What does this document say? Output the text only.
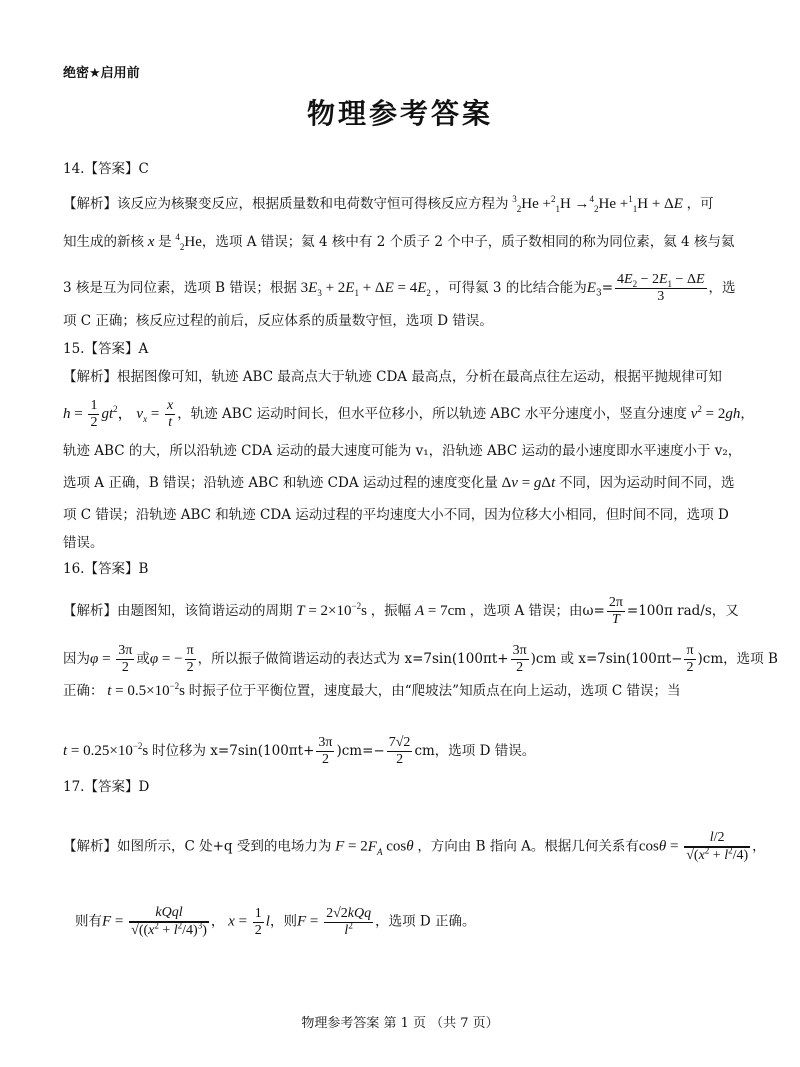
绝密★启用前
物理参考答案
14.【答案】C
【解析】该反应为核聚变反应，根据质量数和电荷数守恒可得核反应方程为 $^3_2$He +$^2_1$H →$^4_2$He +$^1_1$H + ΔE ，可
知生成的新核 x 是 $^4_2$He，选项 A 错误；氦 4 核中有 2 个质子 2 个中子，质子数相同的称为同位素，氦 4 核与氦
3 核是互为同位素，选项 B 错误；根据 $3E_3 + 2E_1 + \Delta E = 4E_2$ ，可得氦 3 的比结合能为$E_3= \frac{4E_2 - 2E_1 - \Delta E}{3}$ ，选
项 C 正确；核反应过程的前后，反应体系的质量数守恒，选项 D 错误。
15.【答案】A
【解析】根据图像可知，轨迹 ABC 最高点大于轨迹 CDA 最高点，分析在最高点往左运动，根据平抛规律可知
$h = \frac{1}{2} gt^2$， $v_x = \frac{x}{t}$ ，轨迹 ABC 运动时间长，但水平位移小，所以轨迹 ABC 水平分速度小，竖直分速度 $v^2 = 2gh$，
轨迹 ABC 的大，所以沿轨迹 CDA 运动的最大速度可能为 v₁，沿轨迹 ABC 运动的最小速度即水平速度小于 v₂，
选项 A 正确，B 错误；沿轨迹 ABC 和轨迹 CDA 运动过程的速度变化量 Δv = gΔt 不同，因为运动时间不同，选
项 C 错误；沿轨迹 ABC 和轨迹 CDA 运动过程的平均速度大小不同，因为位移大小相同，但时间不同，选项 D
错误。
16.【答案】B
【解析】由题图知，该简谐运动的周期 $T = 2\times 10^{-2}s$ ，振幅 A = 7cm ，选项 A 错误；由$\omega= \frac{2\pi}{T} =100\pi$ rad/s，又
因为$\varphi = \frac{3\pi}{2}$ 或φ = − $\frac{\pi}{2}$ ，所以振子做简谐运动的表达式为 $x=7\sin(100\pi t+ \frac{3\pi}{2} )cm$ 或 $x=7\sin(100\pi t- \frac{\pi}{2} )cm$，选项 B
正确： $t = 0.5\times 10^{-2}s$ 时振子位于平衡位置，速度最大，由“爬坡法”知质点在向上运动，选项 C 错误；当
$t = 0.25\times 10^{-2}s$ 时位移为 $x=7\sin(100\pi t+ \frac{3\pi}{2} )cm=- \frac{7√2}{2}$ cm，选项 D 错误。
17.【答案】D
【解析】如图所示，C 处+q 受到的电场力为 $F = 2F_A$ cosθ ，方向由 B 指向 A。根据几何关系有$\cos\theta = \frac{l/2}{√(x^2 + l^2/4)}$ ，
则有$F = \frac{\text{kQql}}{√((x^2 + l^2/4)^3)}$ ， $x = \frac{1}{2}$ l，则$F = \frac{\text{2√2kQq}}{l^2}$ ，选项 D 正确。
物理参考答案 第 1 页 （共 7 页）
